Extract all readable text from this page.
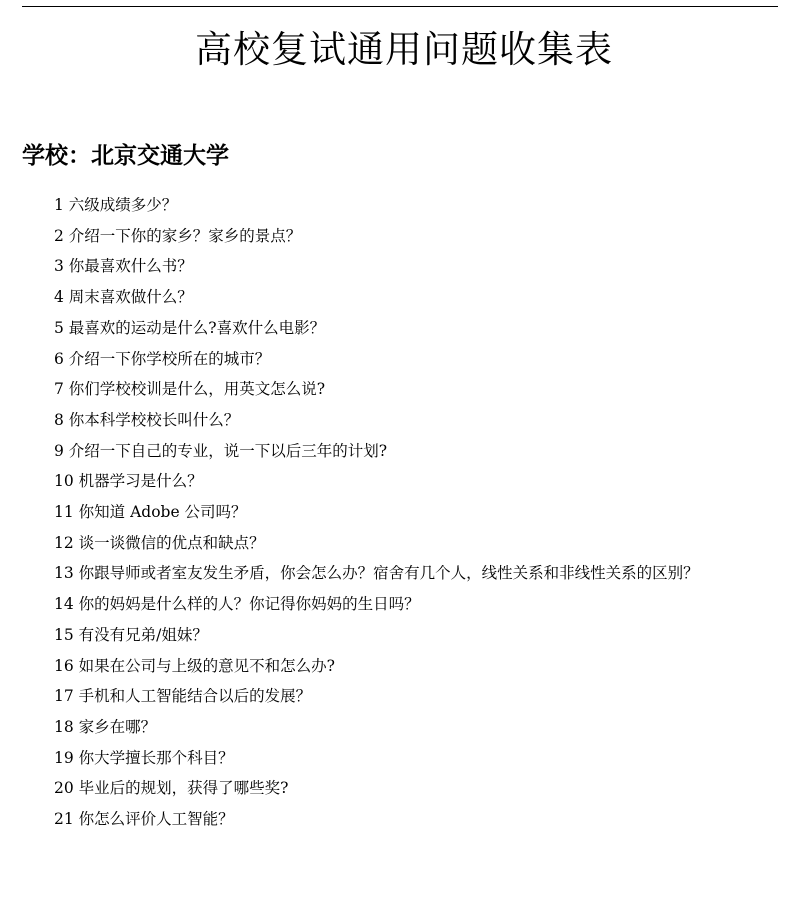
高校复试通用问题收集表
学校：北京交通大学
1 六级成绩多少？
2 介绍一下你的家乡？家乡的景点？
3 你最喜欢什么书？
4 周末喜欢做什么？
5 最喜欢的运动是什么?喜欢什么电影？
6 介绍一下你学校所在的城市？
7 你们学校校训是什么，用英文怎么说?
8 你本科学校校长叫什么？
9 介绍一下自己的专业，说一下以后三年的计划?
10 机器学习是什么？
11 你知道 Adobe 公司吗？
12 谈一谈微信的优点和缺点？
13 你跟导师或者室友发生矛盾，你会怎么办？宿舍有几个人，线性关系和非线性关系的区别？
14 你的妈妈是什么样的人？你记得你妈妈的生日吗？
15 有没有兄弟/姐妹？
16 如果在公司与上级的意见不和怎么办?
17 手机和人工智能结合以后的发展？
18 家乡在哪？
19 你大学擅长那个科目？
20 毕业后的规划，获得了哪些奖?
21 你怎么评价人工智能？
